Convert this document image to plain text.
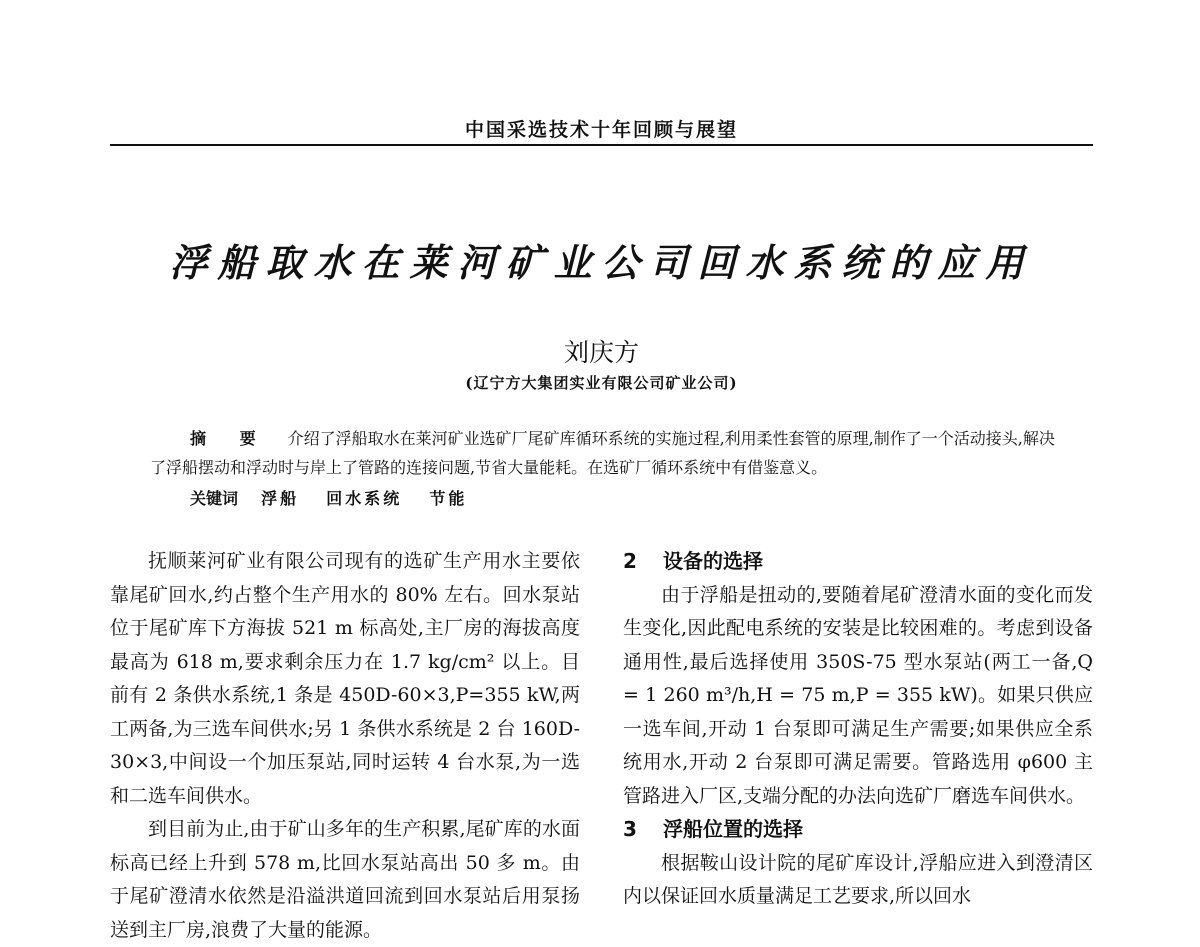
中国采选技术十年回顾与展望
浮船取水在莱河矿业公司回水系统的应用
刘庆方
(辽宁方大集团实业有限公司矿业公司)
摘 要 介绍了浮船取水在莱河矿业选矿厂尾矿库循环系统的实施过程,利用柔性套管的原理,制作了一个活动接头,解决了浮船摆动和浮动时与岸上了管路的连接问题,节省大量能耗。在选矿厂循环系统中有借鉴意义。
关键词 浮船 回水系统 节能

抚顺莱河矿业有限公司现有的选矿生产用水主要依靠尾矿回水,约占整个生产用水的 80% 左右。回水泵站位于尾矿库下方海拔 521 m 标高处,主厂房的海拔高度最高为 618 m,要求剩余压力在 1.7 kg/cm² 以上。目前有 2 条供水系统,1 条是 450D-60×3,P=355 kW,两工两备,为三选车间供水;另 1 条供水系统是 2 台 160D-30×3,中间设一个加压泵站,同时运转 4 台水泵,为一选和二选车间供水。

到目前为止,由于矿山多年的生产积累,尾矿库的水面标高已经上升到 578 m,比回水泵站高出 50 多 m。由于尾矿澄清水依然是沿溢洪道回流到回水泵站后用泵扬送到主厂房,浪费了大量的能源。

2 设备的选择

由于浮船是扭动的,要随着尾矿澄清水面的变化而发生变化,因此配电系统的安装是比较困难的。考虑到设备通用性,最后选择使用 350S-75 型水泵站(两工一备,Q = 1 260 m³/h,H = 75 m,P = 355 kW)。如果只供应一选车间,开动 1 台泵即可满足生产需要;如果供应全系统用水,开动 2 台泵即可满足需要。管路选用 φ600 主管路进入厂区,支端分配的办法向选矿厂磨选车间供水。

3 浮船位置的选择

根据鞍山设计院的尾矿库设计,浮船应进入到澄清区内以保证回水质量满足工艺要求,所以回水
